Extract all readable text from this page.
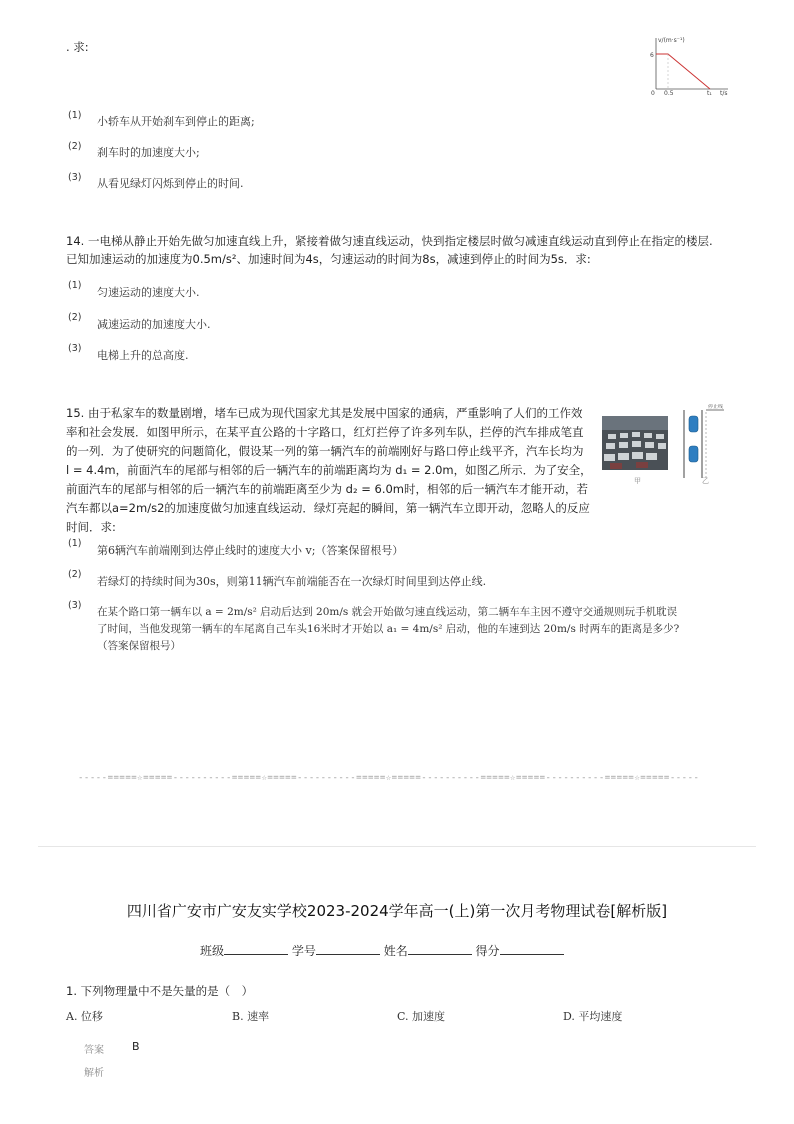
. 求:	v/(m·s⁻¹)
6
0 0.5	t₁ t/s
(1) 小轿车从开始刹车到停止的距离;
(2) 刹车时的加速度大小;
(3) 从看见绿灯闪烁到停止的时间.
14. 一电梯从静止开始先做匀加速直线上升，紧接着做匀速直线运动，快到指定楼层时做匀减速直线运动直到停止在指定的楼层.
已知加速运动的加速度为0.5m/s²、加速时间为4s，匀速运动的时间为8s，减速到停止的时间为5s．求:
(1)
匀速运动的速度大小.
(2)
减速运动的加速度大小.
(3)
电梯上升的总高度.
15. 由于私家车的数量剧增，堵车已成为现代国家尤其是发展中国家的通病，严重影响了人们的工作效
率和社会发展．如图甲所示，在某平直公路的十字路口，红灯拦停了许多列车队，拦停的汽车排成笔直
的一列．为了使研究的问题简化，假设某一列的第一辆汽车的前端刚好与路口停止线平齐，汽车长均为
l = 4.4m，前面汽车的尾部与相邻的后一辆汽车的前端距离均为 d₁ = 2.0m，如图乙所示．为了安全，
前面汽车的尾部与相邻的后一辆汽车的前端距离至少为 d₂ = 6.0m时，相邻的后一辆汽车才能开动，若
汽车都以a=2m/s2的加速度做匀加速直线运动．绿灯亮起的瞬间，第一辆汽车立即开动，忽略人的反应
时间．求:
甲
停止线
乙
(1)
第6辆汽车前端刚到达停止线时的速度大小 v;（答案保留根号）
(2)
若绿灯的持续时间为30s，则第11辆汽车前端能否在一次绿灯时间里到达停止线.
(3)
在某个路口第一辆车以 a = 2m/s² 启动后达到 20m/s 就会开始做匀速直线运动，第二辆车车主因不遵守交通规则玩手机耽误
了时间，当他发现第一辆车的车尾离自己车头16米时才开始以 a₁ = 4m/s² 启动，他的车速到达 20m/s 时两车的距离是多少?
（答案保留根号）
-----=====☆=====----------=====☆=====----------=====☆=====----------=====☆=====----------=====☆=====-----
四川省广安市广安友实学校2023-2024学年高一(上)第一次月考物理试卷[解析版]
班级	学号	姓名	得分
1. 下列物理量中不是矢量的是（　）
A. 位移	B. 速率	C. 加速度	D. 平均速度
答案	B
解析
